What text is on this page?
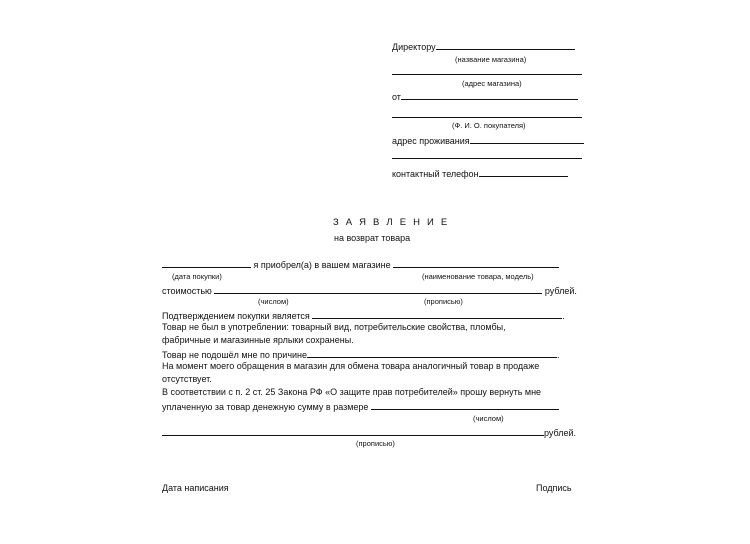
Директору
(название магазина)
(адрес магазина)
от
(Ф. И. О. покупателя)
адрес проживания
контактный телефон
З А Я В Л Е Н И Е
на возврат товара
я приобрел(а) в вашем магазине
(дата покупки)	(наименование товара, модель)
стоимостью	рублей.
(числом)	(прописью)
Подтверждением покупки является	.
Товар не был в употреблении: товарный вид, потребительские свойства, пломбы,
фабричные и магазинные ярлыки сохранены.
Товар не подошёл мне по причине	.
На момент моего обращения в магазин для обмена товара аналогичный товар в продаже
отсутствует.
В соответствии с п. 2 ст. 25 Закона РФ «О защите прав потребителей» прошу вернуть мне
уплаченную за товар денежную сумму в размере
(числом)
рублей.
(прописью)
Дата написания	Подпись
